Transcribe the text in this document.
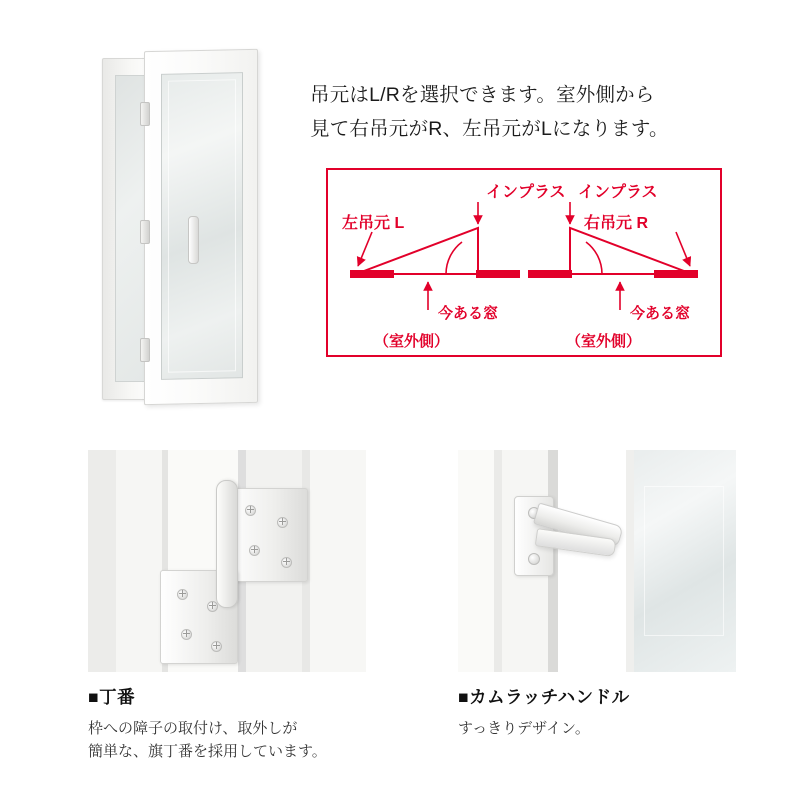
吊元はL/Rを選択できます。室外側から
見て右吊元がR、左吊元がLになります。
インプラス
左吊元 L
今ある窓
（室外側）
インプラス
右吊元 R
今ある窓
（室外側）
■丁番
枠への障子の取付け、取外しが
簡単な、旗丁番を採用しています。
■カムラッチハンドル
すっきりデザイン。
